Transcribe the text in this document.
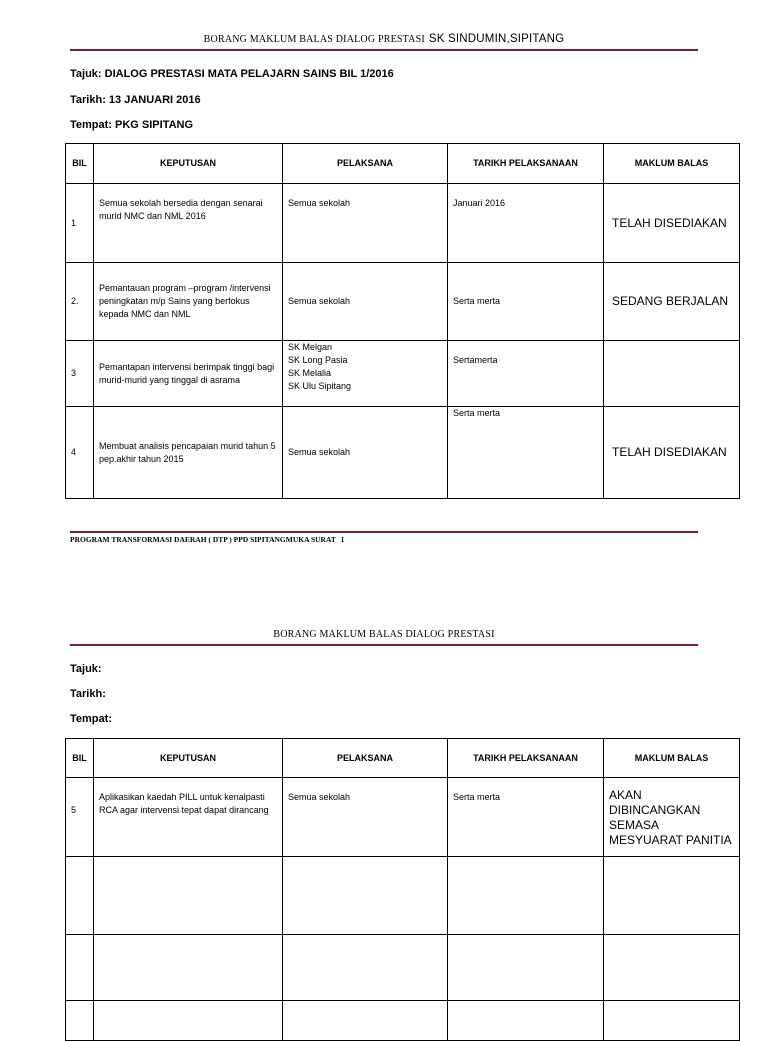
BORANG MAKLUM BALAS DIALOG PRESTASI SK SINDUMIN,SIPITANG
Tajuk: DIALOG PRESTASI MATA PELAJARN SAINS BIL 1/2016
Tarikh: 13 JANUARI 2016
Tempat: PKG SIPITANG
BIL	KEPUTUSAN	PELAKSANA	TARIKH PELAKSANAAN	MAKLUM BALAS
1	Semua sekolah bersedia dengan senarai murid NMC dan NML 2016	Semua sekolah	Januari 2016	TELAH DISEDIAKAN
2.	Pemantauan program –program /intervensi peningkatan m/p Sains yang berfokus kepada NMC dan NML	Semua sekolah	Serta merta	SEDANG BERJALAN
3	Pemantapan intervensi berimpak tinggi bagi murid-murid yang tinggal di asrama	SK Melgan
SK Long Pasia
SK Melalia
SK Ulu Sipitang	Sertamerta	
4	Membuat analisis pencapaian murid tahun 5 pep.akhir tahun 2015	Semua sekolah	Serta merta	TELAH DISEDIAKAN
PROGRAM TRANSFORMASI DAERAH ( DTP ) PPD SIPITANGMUKA SURAT 1
BORANG MAKLUM BALAS DIALOG PRESTASI
Tajuk:
Tarikh:
Tempat:
BIL	KEPUTUSAN	PELAKSANA	TARIKH PELAKSANAAN	MAKLUM BALAS
5	Aplikasikan kaedah PILL untuk kenalpasti RCA agar intervensi tepat dapat dirancang	Semua sekolah	Serta merta	AKAN DIBINCANGKAN SEMASA MESYUARAT PANITIA
